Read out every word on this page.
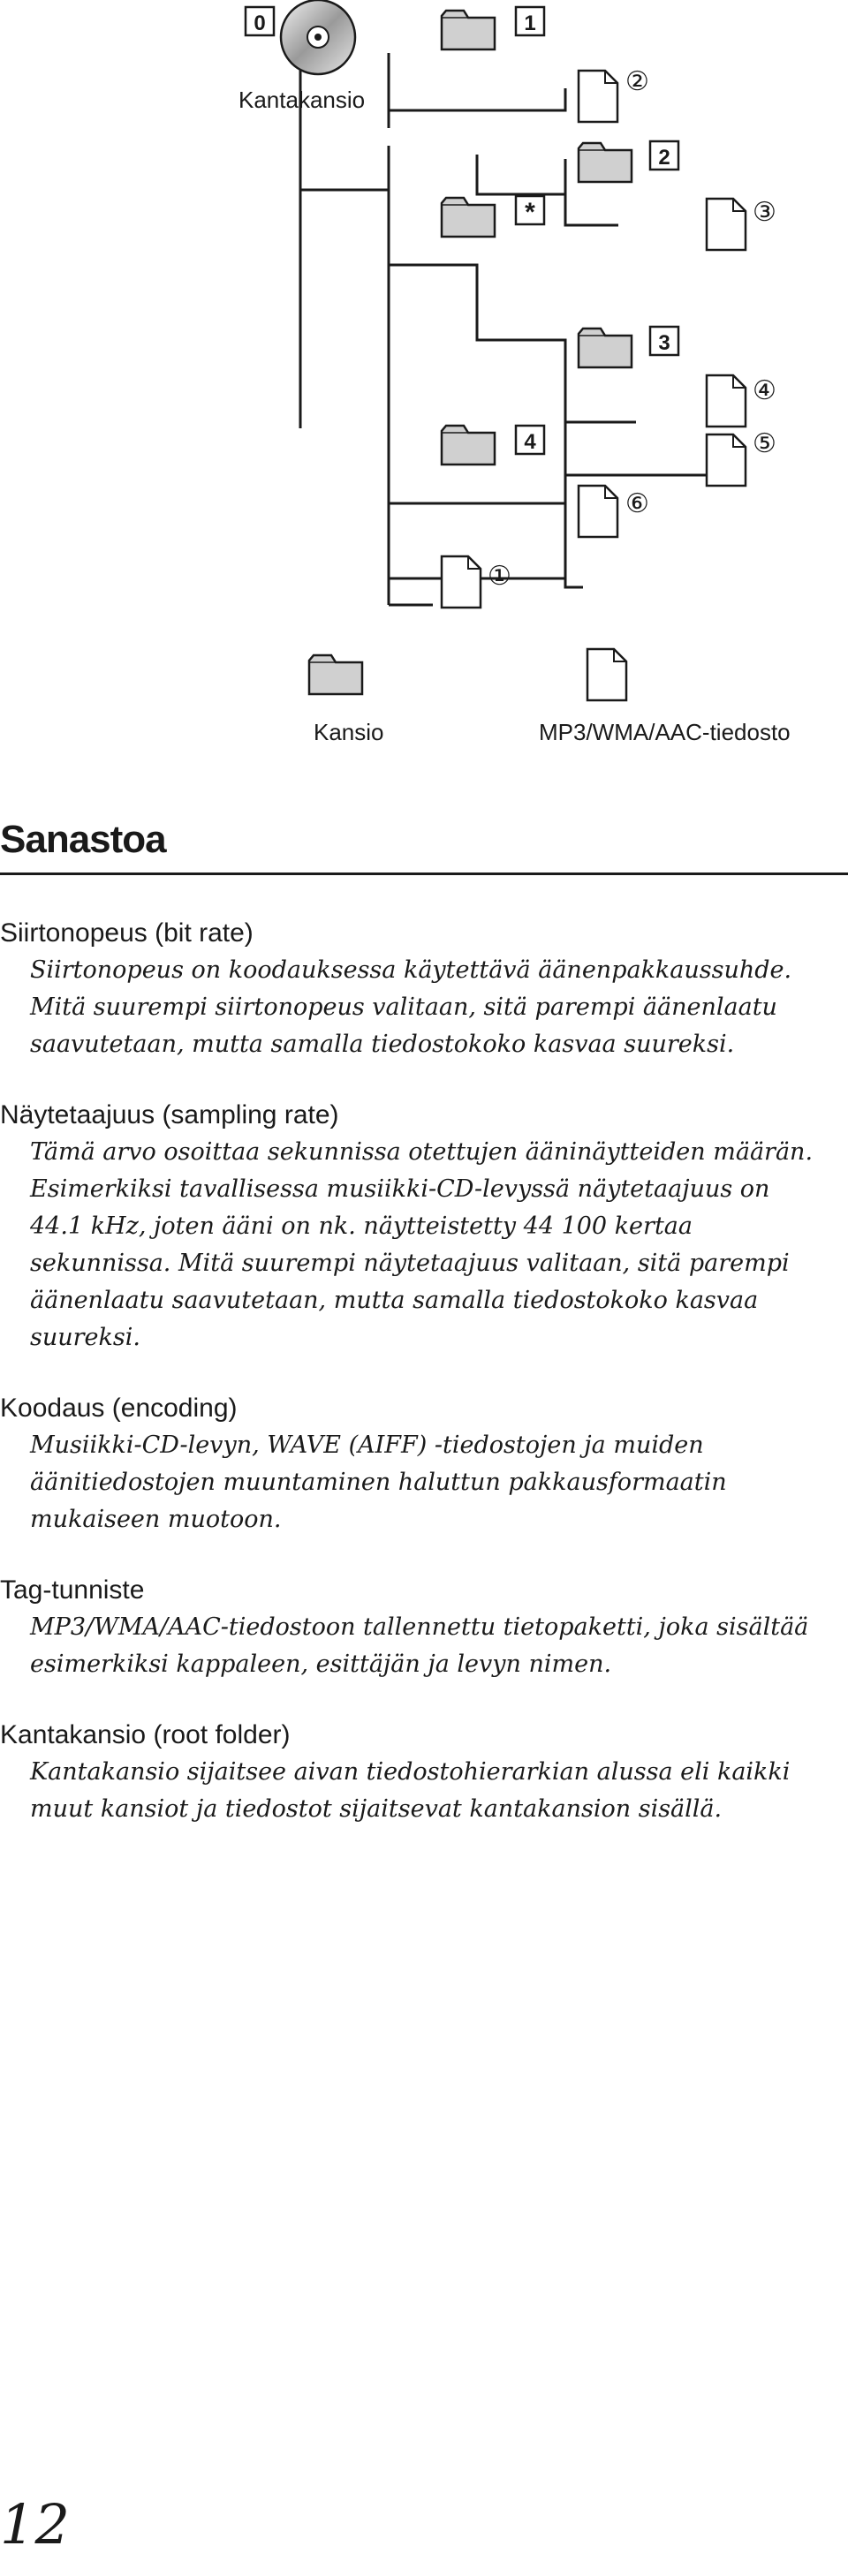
Kantakansio
0	1
2
*
3
4
②
③
④
⑤
⑥
①
Kansio	MP3/WMA/AAC-tiedosto
Sanastoa

Siirtonopeus (bit rate)

Siirtonopeus on koodauksessa käytettävä äänenpakkaussuhde. Mitä suurempi siirtonopeus valitaan, sitä parempi äänenlaatu saavutetaan, mutta samalla tiedostokoko kasvaa suureksi.

Näytetaajuus (sampling rate)

Tämä arvo osoittaa sekunnissa otettujen ääninäytteiden määrän. Esimerkiksi tavallisessa musiikki-CD-levyssä näytetaajuus on 44.1 kHz, joten ääni on nk. näytteistetty 44 100 kertaa sekunnissa. Mitä suurempi näytetaajuus valitaan, sitä parempi äänenlaatu saavutetaan, mutta samalla tiedostokoko kasvaa suureksi.

Koodaus (encoding)

Musiikki-CD-levyn, WAVE (AIFF) -tiedostojen ja muiden äänitiedostojen muuntaminen haluttun pakkausformaatin mukaiseen muotoon.

Tag-tunniste

MP3/WMA/AAC-tiedostoon tallennettu tietopaketti, joka sisältää esimerkiksi kappaleen, esittäjän ja levyn nimen.

Kantakansio (root folder)

Kantakansio sijaitsee aivan tiedostohierarkian alussa eli kaikki muut kansiot ja tiedostot sijaitsevat kantakansion sisällä.

12
